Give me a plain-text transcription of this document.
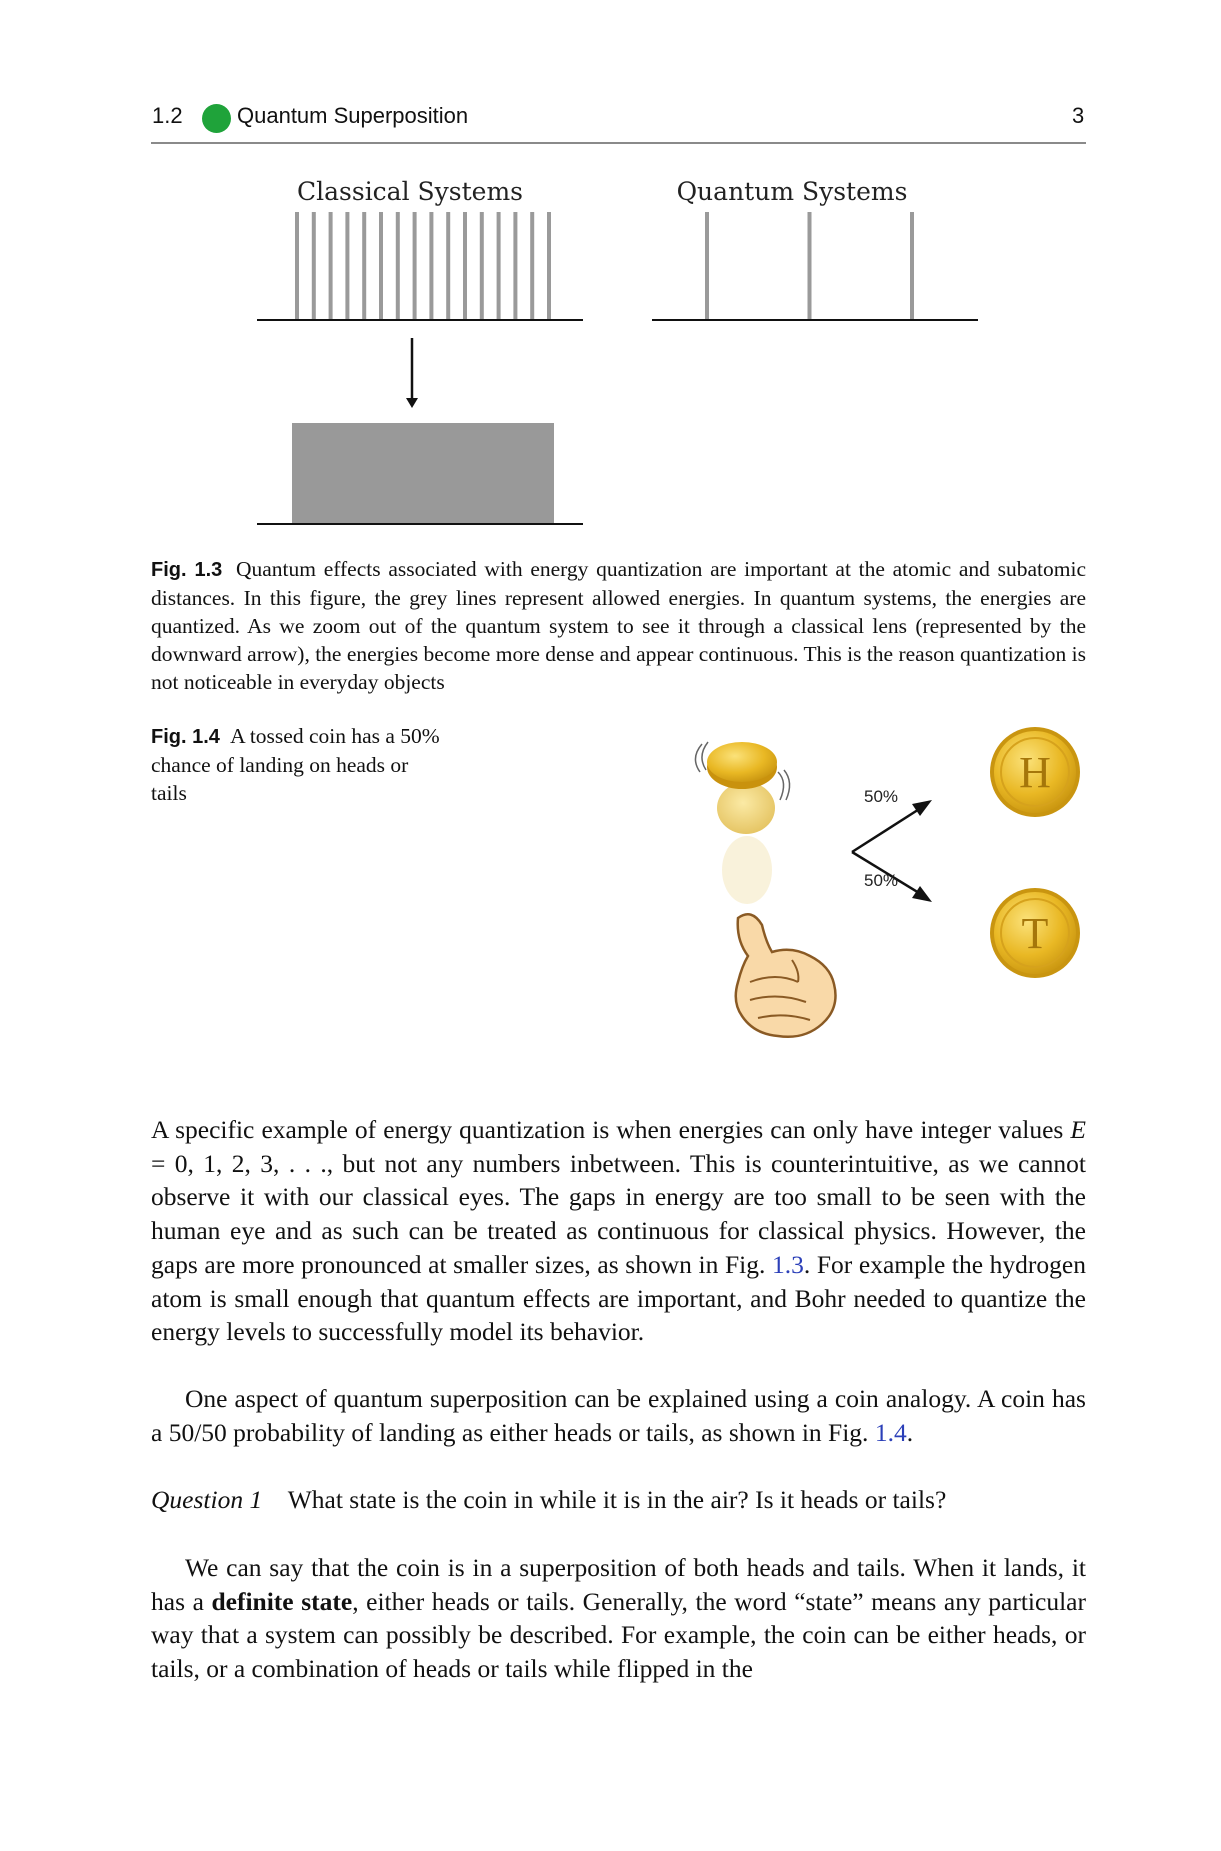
1.2 Quantum Superposition	3
Classical Systems	Quantum Systems
Fig. 1.3 Quantum effects associated with energy quantization are important at the atomic and subatomic distances. In this figure, the grey lines represent allowed energies. In quantum systems, the energies are quantized. As we zoom out of the quantum system to see it through a classical lens (represented by the downward arrow), the energies become more dense and appear continuous. This is the reason quantization is not noticeable in everyday objects
Fig. 1.4 A tossed coin has a 50% chance of landing on heads or tails	50%
50%
H
T
A specific example of energy quantization is when energies can only have integer values E = 0, 1, 2, 3, . . ., but not any numbers inbetween. This is counterintuitive, as we cannot observe it with our classical eyes. The gaps in energy are too small to be seen with the human eye and as such can be treated as continuous for classical physics. However, the gaps are more pronounced at smaller sizes, as shown in Fig. 1.3. For example the hydrogen atom is small enough that quantum effects are important, and Bohr needed to quantize the energy levels to successfully model its behavior.
One aspect of quantum superposition can be explained using a coin analogy. A coin has a 50/50 probability of landing as either heads or tails, as shown in Fig. 1.4.
Question 1  What state is the coin in while it is in the air? Is it heads or tails?
We can say that the coin is in a superposition of both heads and tails. When it lands, it has a definite state, either heads or tails. Generally, the word “state” means any particular way that a system can possibly be described. For example, the coin can be either heads, or tails, or a combination of heads or tails while flipped in the
